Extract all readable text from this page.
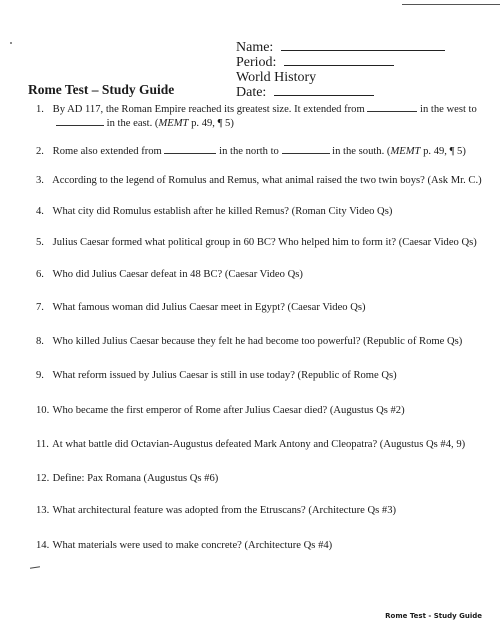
Name:
Period:
World History
Date:
Rome Test – Study Guide
1. By AD 117, the Roman Empire reached its greatest size. It extended from	in the west to
in the east. (MEMT p. 49, ¶ 5)
2. Rome also extended from	in the north to	in the south. (MEMT p. 49, ¶ 5)
3. According to the legend of Romulus and Remus, what animal raised the two twin boys? (Ask Mr. C.)
4. What city did Romulus establish after he killed Remus? (Roman City Video Qs)
5. Julius Caesar formed what political group in 60 BC? Who helped him to form it? (Caesar Video Qs)
6. Who did Julius Caesar defeat in 48 BC? (Caesar Video Qs)
7. What famous woman did Julius Caesar meet in Egypt? (Caesar Video Qs)
8. Who killed Julius Caesar because they felt he had become too powerful? (Republic of Rome Qs)
9. What reform issued by Julius Caesar is still in use today? (Republic of Rome Qs)
10. Who became the first emperor of Rome after Julius Caesar died? (Augustus Qs #2)
11. At what battle did Octavian-Augustus defeated Mark Antony and Cleopatra? (Augustus Qs #4, 9)
12. Define: Pax Romana (Augustus Qs #6)
13. What architectural feature was adopted from the Etruscans? (Architecture Qs #3)
14. What materials were used to make concrete? (Architecture Qs #4)
Rome Test - Study Guide
